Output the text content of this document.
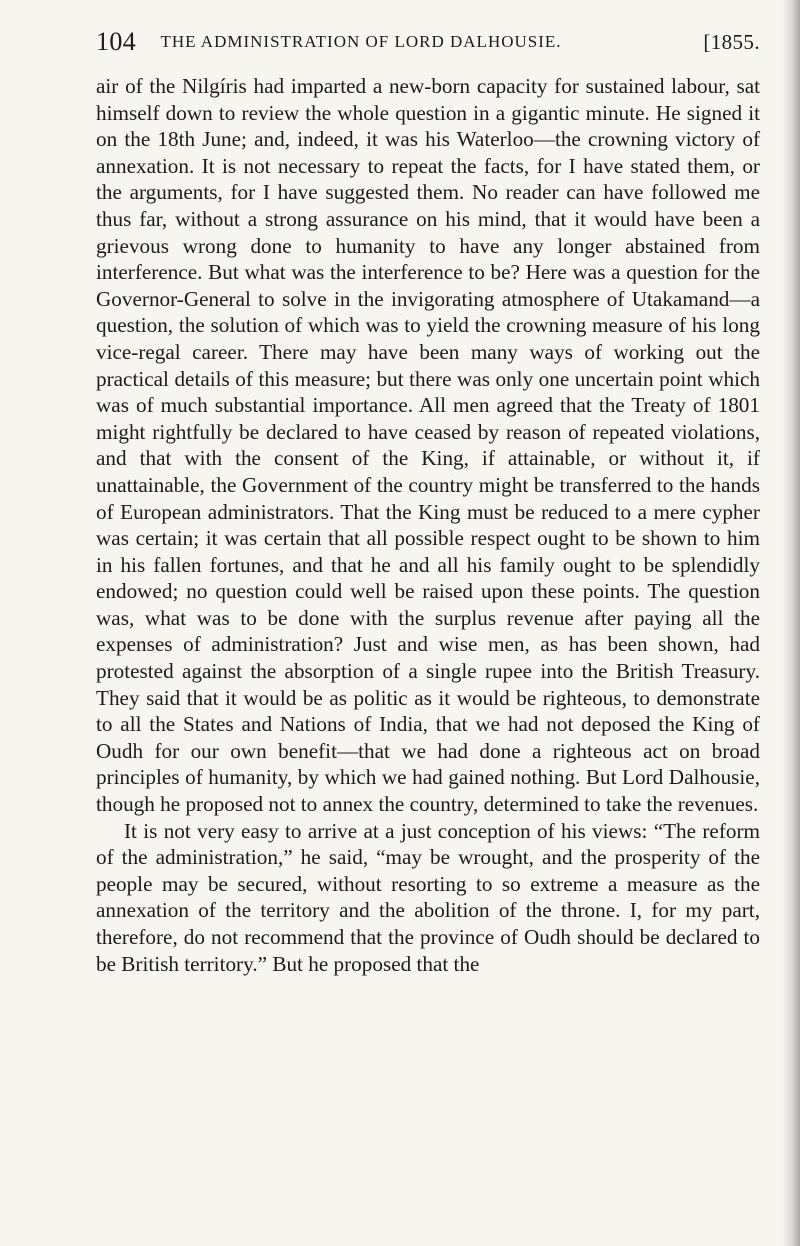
104	THE ADMINISTRATION OF LORD DALHOUSIE.	[1855.

air of the Nilgíris had imparted a new-born capacity for sustained labour, sat himself down to review the whole question in a gigantic minute. He signed it on the 18th June; and, indeed, it was his Waterloo—the crowning victory of annexation. It is not necessary to repeat the facts, for I have stated them, or the arguments, for I have suggested them. No reader can have followed me thus far, without a strong assurance on his mind, that it would have been a grievous wrong done to humanity to have any longer abstained from interference. But what was the interference to be? Here was a question for the Governor-General to solve in the invigorating atmosphere of Utakamand—a question, the solution of which was to yield the crowning measure of his long vice-regal career. There may have been many ways of working out the practical details of this measure; but there was only one uncertain point which was of much substantial importance. All men agreed that the Treaty of 1801 might rightfully be declared to have ceased by reason of repeated violations, and that with the consent of the King, if attainable, or without it, if unattainable, the Government of the country might be transferred to the hands of European administrators. That the King must be reduced to a mere cypher was certain; it was certain that all possible respect ought to be shown to him in his fallen fortunes, and that he and all his family ought to be splendidly endowed; no question could well be raised upon these points. The question was, what was to be done with the surplus revenue after paying all the expenses of administration? Just and wise men, as has been shown, had protested against the absorption of a single rupee into the British Treasury. They said that it would be as politic as it would be righteous, to demonstrate to all the States and Nations of India, that we had not deposed the King of Oudh for our own benefit—that we had done a righteous act on broad principles of humanity, by which we had gained nothing. But Lord Dalhousie, though he proposed not to annex the country, determined to take the revenues.

It is not very easy to arrive at a just conception of his views: “The reform of the administration,” he said, “may be wrought, and the prosperity of the people may be secured, without resorting to so extreme a measure as the annexation of the territory and the abolition of the throne. I, for my part, therefore, do not recommend that the province of Oudh should be declared to be British territory.” But he proposed that the
